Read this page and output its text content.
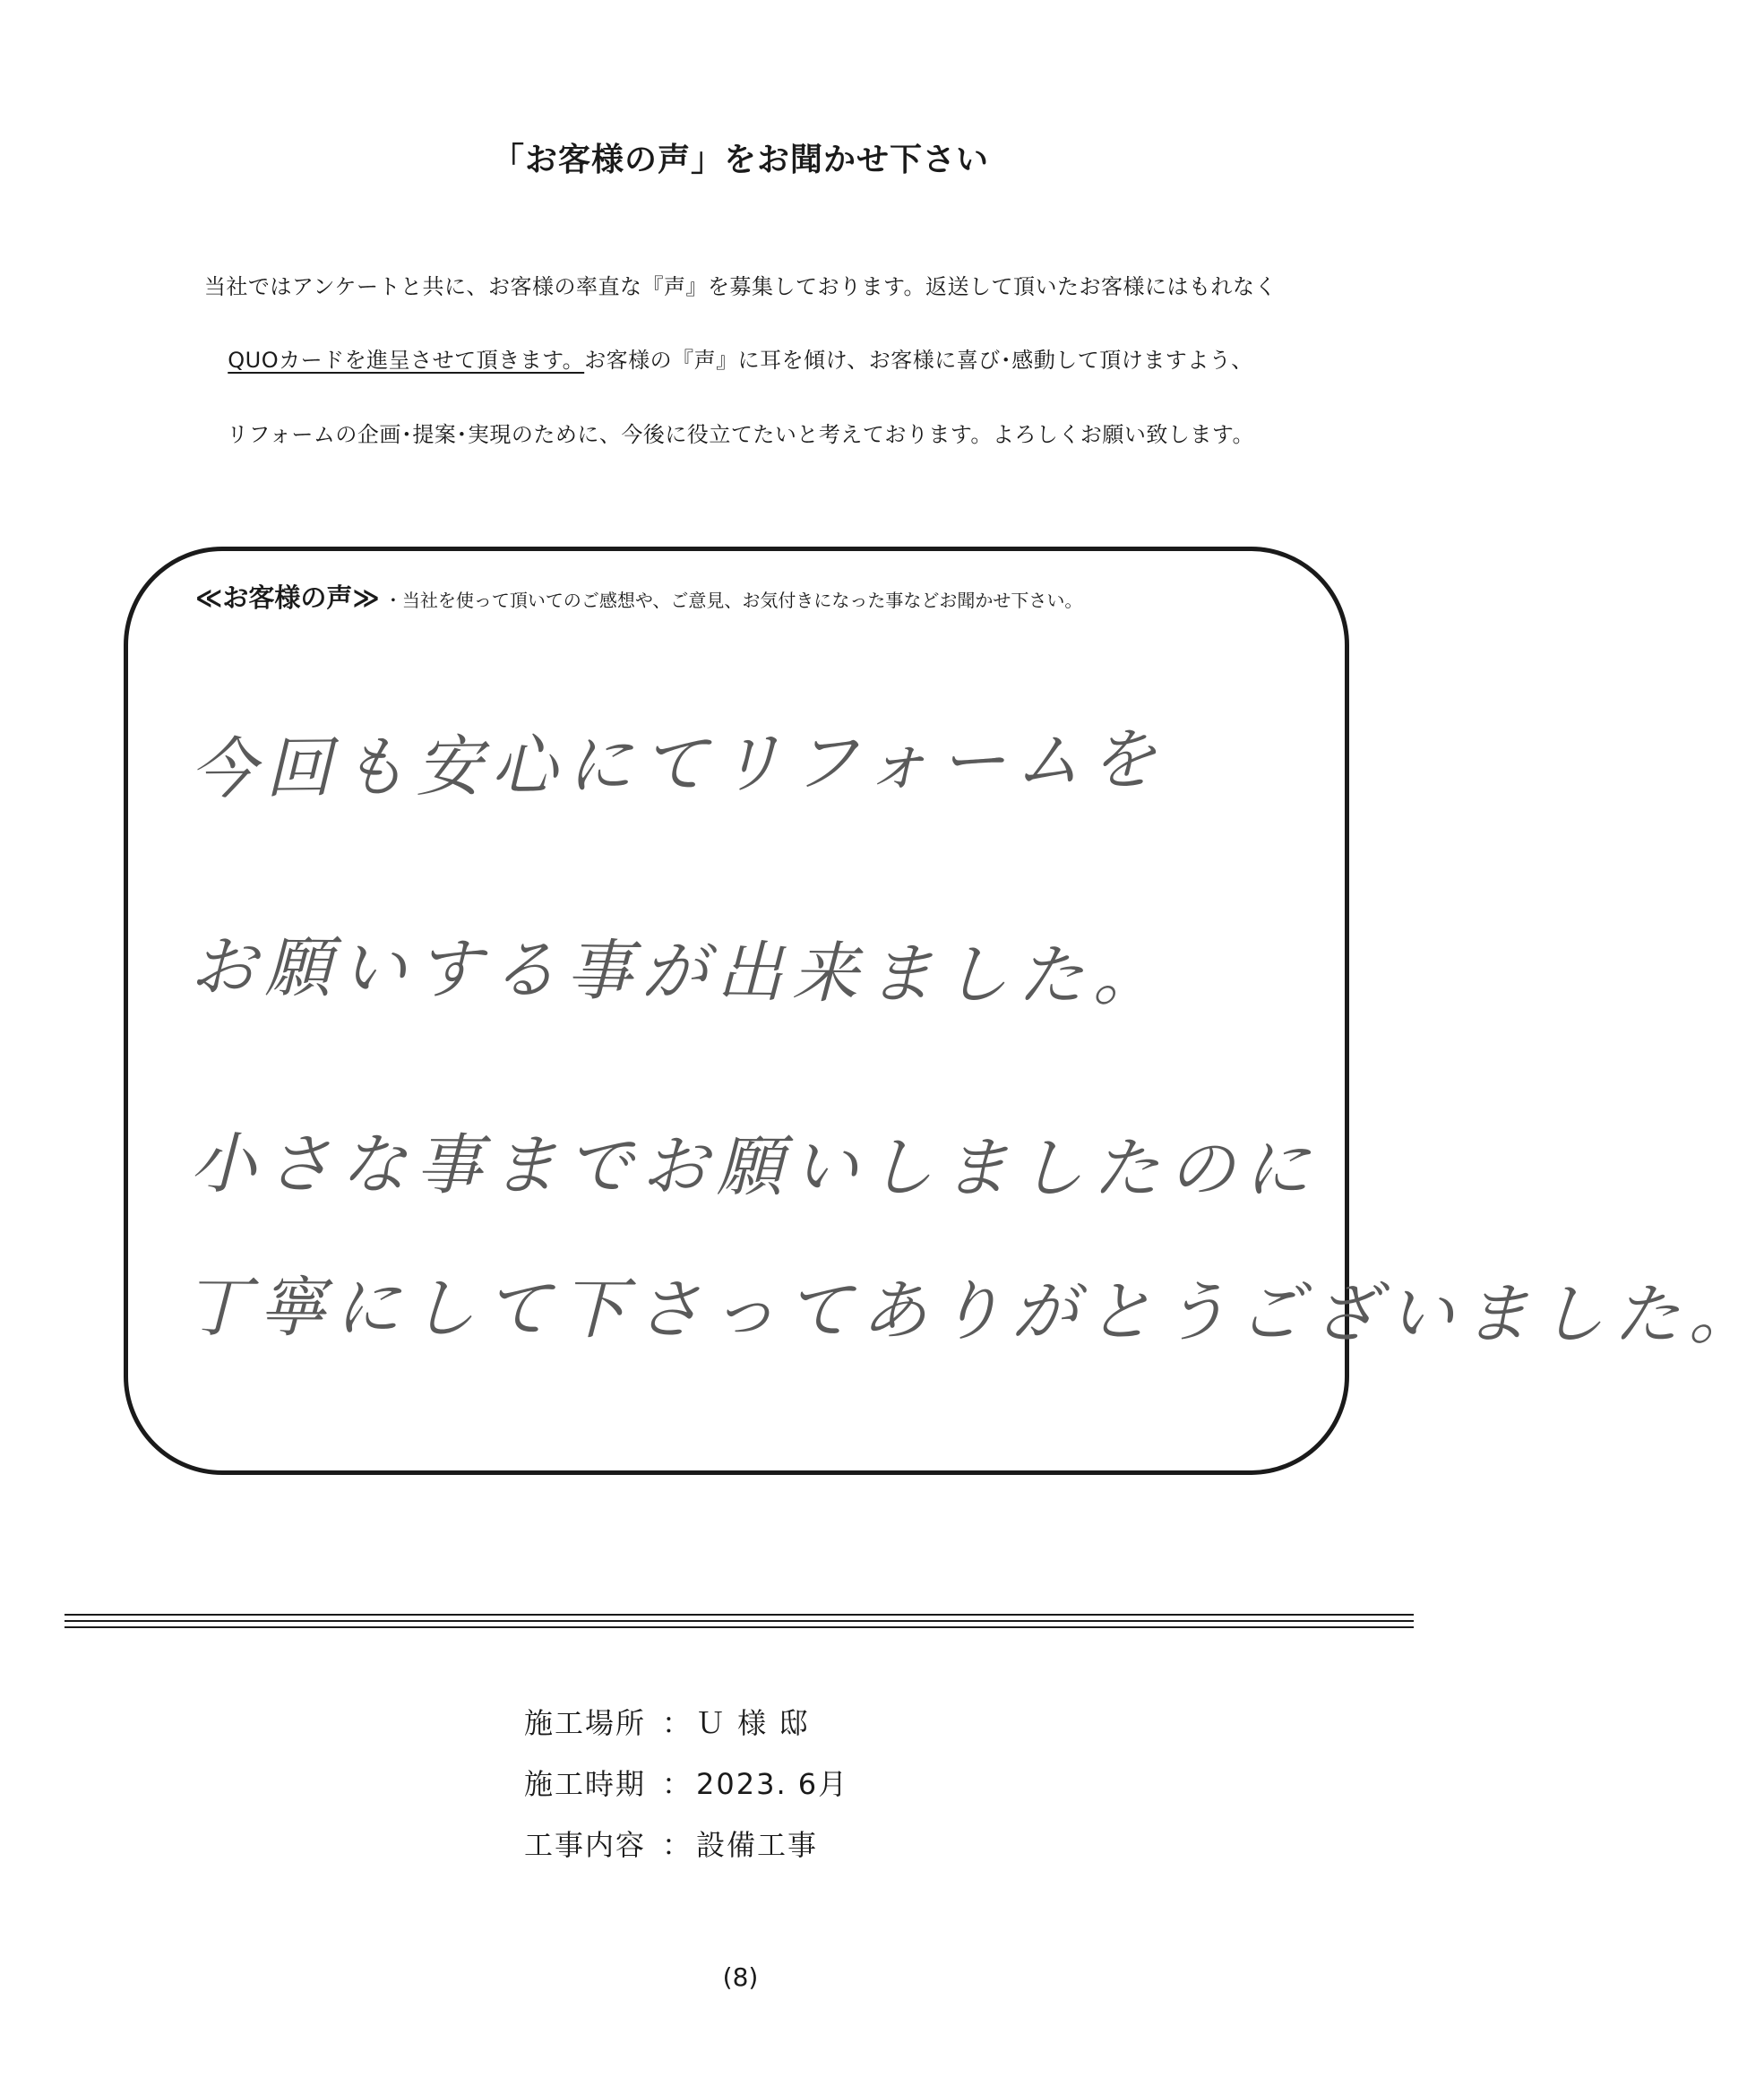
「お客様の声」をお聞かせ下さい
当社ではアンケートと共に、お客様の率直な『声』を募集しております。返送して頂いたお客様にはもれなく
QUOカードを進呈させて頂きます。お客様の『声』に耳を傾け、お客様に喜び･感動して頂けますよう、
リフォームの企画･提案･実現のために、今後に役立てたいと考えております。よろしくお願い致します。
≪お客様の声≫ ・当社を使って頂いてのご感想や、ご意見、お気付きになった事などお聞かせ下さい。
今回も安心にてリフォームを
お願いする事が出来ました。
小さな事までお願いしましたのに
丁寧にして下さってありがとうございました。
施工場所 ： Ｕ 様 邸
施工時期 ： 2023. 6月
工事内容 ： 設備工事
(8)
